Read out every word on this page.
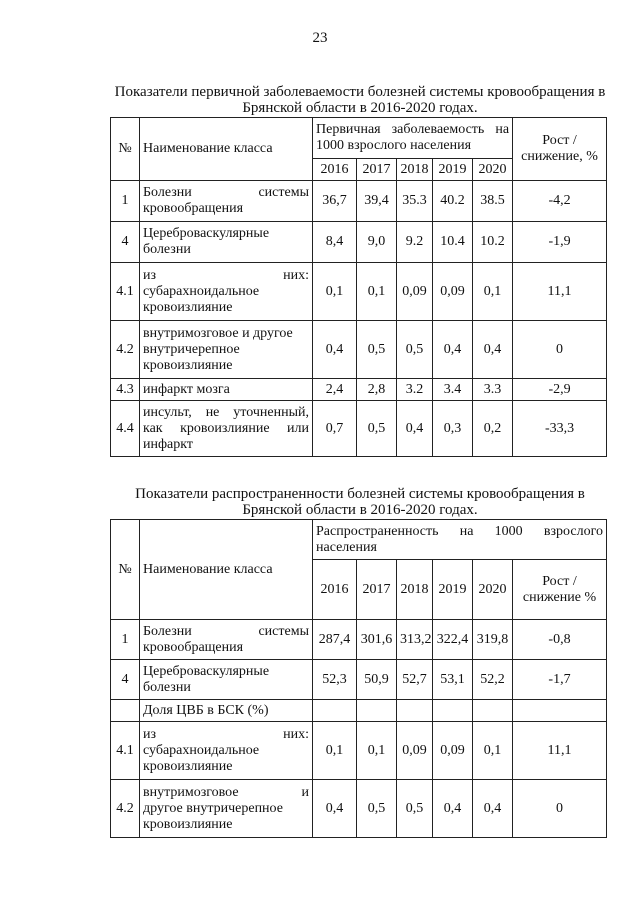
23
Показатели первичной заболеваемости болезней системы кровообращения в
Брянской области в 2016-2020 годах.
№	Наименование класса	Первичная заболеваемость на
1000 взрослого населения					Рост / снижение, %
		2016	2017	2018	2019	2020	
1	Болезни системы
кровообращения	36,7	39,4	35.3	40.2	38.5	-4,2
4	Цереброваскулярные болезни	8,4	9,0	9.2	10.4	10.2	-1,9
4.1	из них:
субарахноидальное кровоизлияние	0,1	0,1	0,09	0,09	0,1	11,1
4.2	внутримозговое и другое внутричерепное кровоизлияние	0,4	0,5	0,5	0,4	0,4	0
4.3	инфаркт мозга	2,4	2,8	3.2	3.4	3.3	-2,9
4.4	инсульт, не уточненный, как кровоизлияние или инфаркт	0,7	0,5	0,4	0,3	0,2	-33,3
Показатели распространенности болезней системы кровообращения в
Брянской области в 2016-2020 годах.
№	Наименование класса	Распространенность на 1000 взрослого населения					
		2016	2017	2018	2019	2020	Рост / снижение %
1	Болезни системы
кровообращения	287,4	301,6	313,2	322,4	319,8	-0,8
4	Цереброваскулярные болезни	52,3	50,9	52,7	53,1	52,2	-1,7
	Доля ЦВБ в БСК (%)						
4.1	из них:
субарахноидальное кровоизлияние	0,1	0,1	0,09	0,09	0,1	11,1
4.2	внутримозговое и
другое внутричерепное кровоизлияние	0,4	0,5	0,5	0,4	0,4	0
